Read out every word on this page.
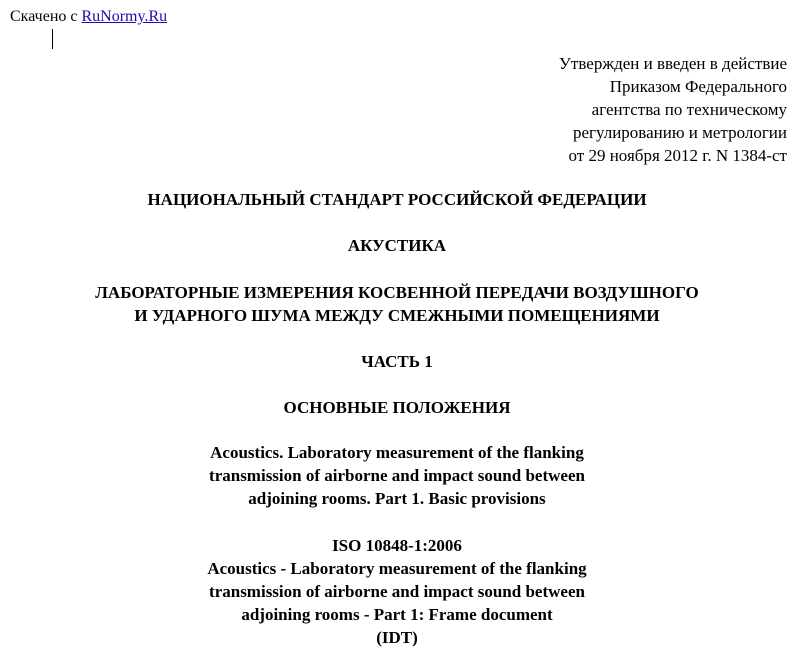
Скачено с RuNormy.Ru
Утвержден и введен в действие
Приказом Федерального
агентства по техническому
регулированию и метрологии
от 29 ноября 2012 г. N 1384-ст
НАЦИОНАЛЬНЫЙ СТАНДАРТ РОССИЙСКОЙ ФЕДЕРАЦИИ
АКУСТИКА
ЛАБОРАТОРНЫЕ ИЗМЕРЕНИЯ КОСВЕННОЙ ПЕРЕДАЧИ ВОЗДУШНОГО
И УДАРНОГО ШУМА МЕЖДУ СМЕЖНЫМИ ПОМЕЩЕНИЯМИ
ЧАСТЬ 1
ОСНОВНЫЕ ПОЛОЖЕНИЯ
Acoustics. Laboratory measurement of the flanking
transmission of airborne and impact sound between
adjoining rooms. Part 1. Basic provisions
ISO 10848-1:2006
Acoustics - Laboratory measurement of the flanking
transmission of airborne and impact sound between
adjoining rooms - Part 1: Frame document
(IDT)
